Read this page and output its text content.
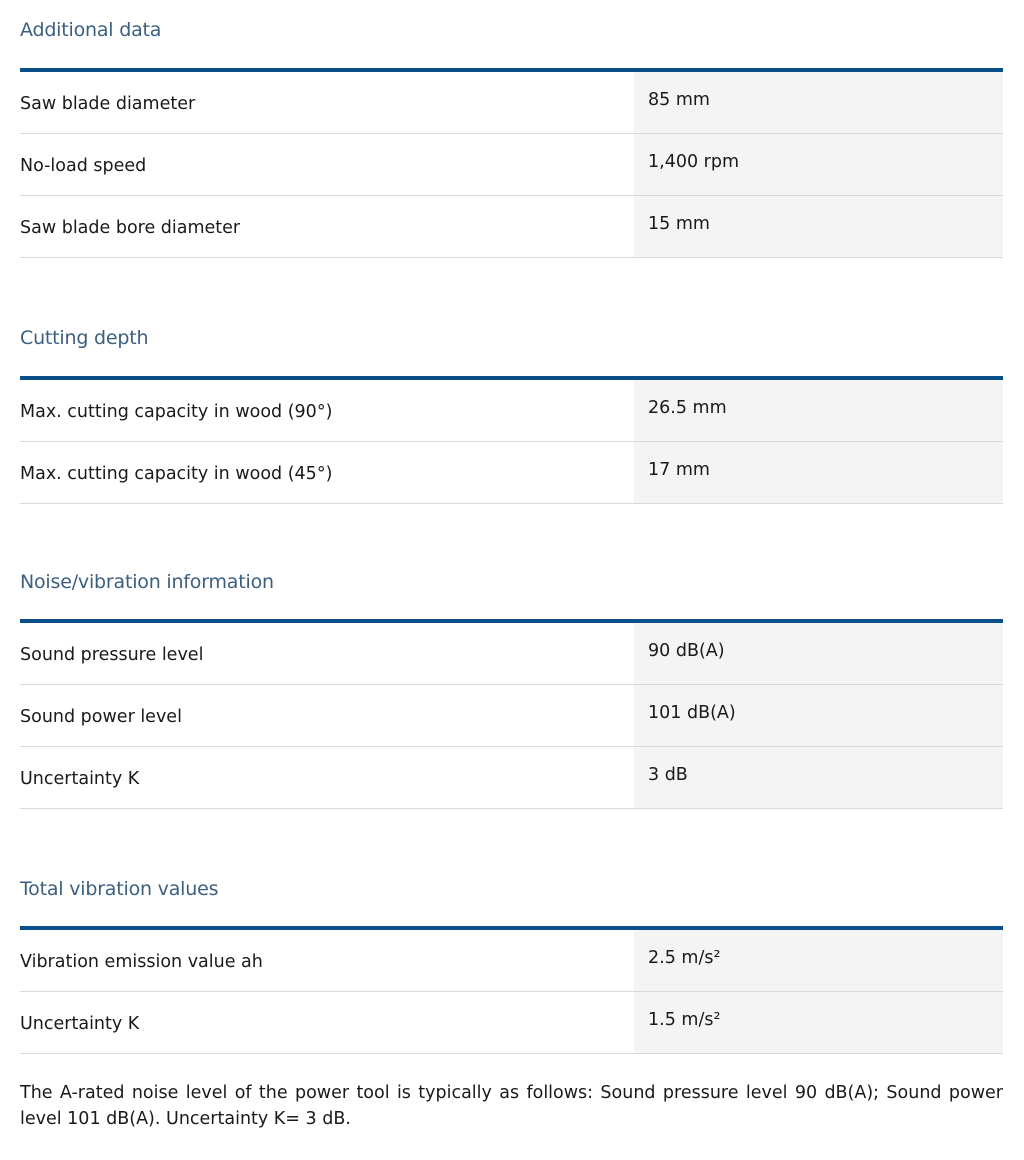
Additional data
Saw blade diameter	85 mm
No-load speed	1,400 rpm
Saw blade bore diameter	15 mm
Cutting depth
Max. cutting capacity in wood (90°)	26.5 mm
Max. cutting capacity in wood (45°)	17 mm
Noise/vibration information
Sound pressure level	90 dB(A)
Sound power level	101 dB(A)
Uncertainty K	3 dB
Total vibration values
Vibration emission value ah	2.5 m/s²
Uncertainty K	1.5 m/s²

The A-rated noise level of the power tool is typically as follows: Sound pressure level 90 dB(A); Sound power level 101 dB(A). Uncertainty K= 3 dB.
